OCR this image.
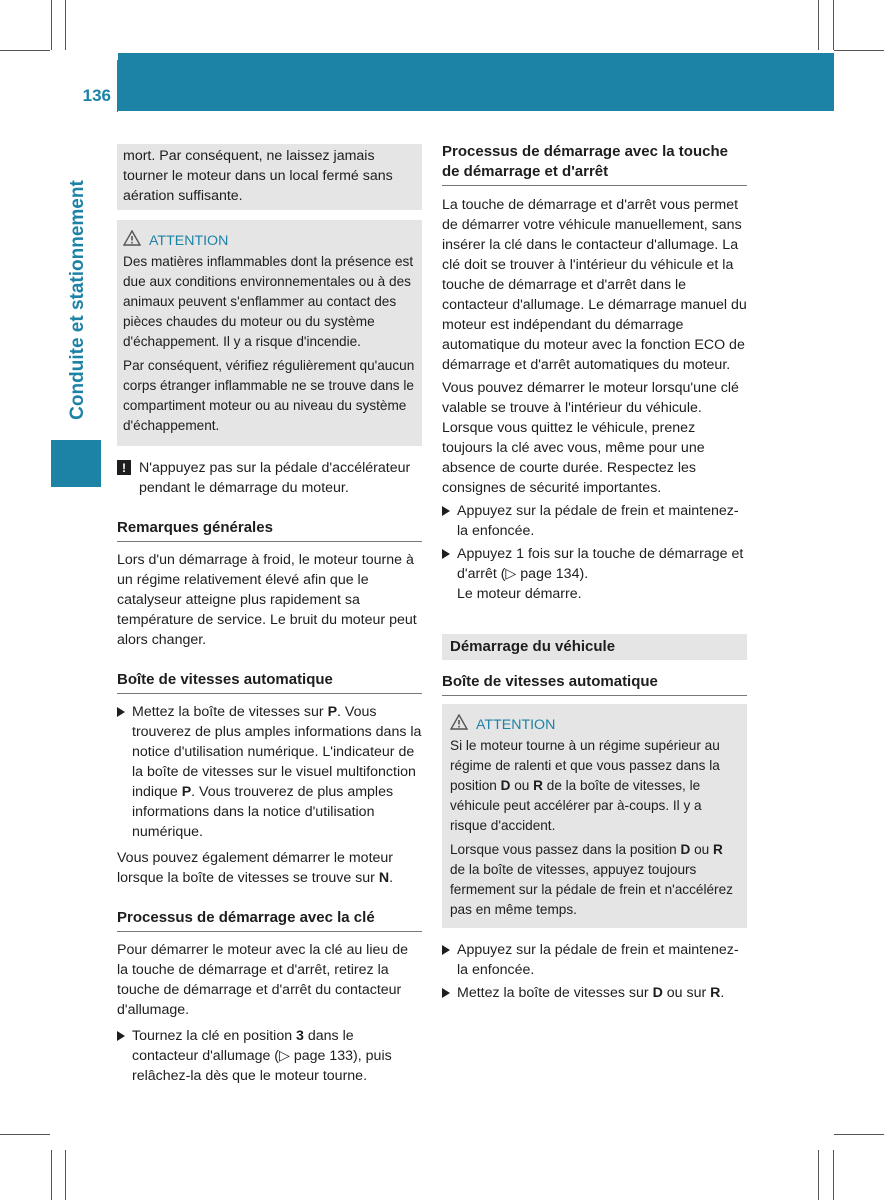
136 Conduite
Conduite et stationnement

mort. Par conséquent, ne laissez jamais tourner le moteur dans un local fermé sans aération suffisante.

ATTENTION

Des matières inflammables dont la présence est due aux conditions environnementales ou à des animaux peuvent s'enflammer au contact des pièces chaudes du moteur ou du système d'échappement. Il y a risque d'incendie.

Par conséquent, vérifiez régulièrement qu'aucun corps étranger inflammable ne se trouve dans le compartiment moteur ou au niveau du système d'échappement.

! N'appuyez pas sur la pédale d'accélérateur pendant le démarrage du moteur.
Remarques générales

Lors d'un démarrage à froid, le moteur tourne à un régime relativement élevé afin que le catalyseur atteigne plus rapidement sa température de service. Le bruit du moteur peut alors changer.

Boîte de vitesses automatique
Mettez la boîte de vitesses sur P. Vous trouverez de plus amples informations dans la notice d'utilisation numérique. L'indicateur de la boîte de vitesses sur le visuel multifonction indique P. Vous trouverez de plus amples informations dans la notice d'utilisation numérique.

Vous pouvez également démarrer le moteur lorsque la boîte de vitesses se trouve sur N.

Processus de démarrage avec la clé

Pour démarrer le moteur avec la clé au lieu de la touche de démarrage et d'arrêt, retirez la touche de démarrage et d'arrêt du contacteur d'allumage.

Tournez la clé en position 3 dans le contacteur d'allumage (▷ page 133), puis relâchez-la dès que le moteur tourne.
Processus de démarrage avec la touche de démarrage et d'arrêt

La touche de démarrage et d'arrêt vous permet de démarrer votre véhicule manuellement, sans insérer la clé dans le contacteur d'allumage. La clé doit se trouver à l'intérieur du véhicule et la touche de démarrage et d'arrêt dans le contacteur d'allumage. Le démarrage manuel du moteur est indépendant du démarrage automatique du moteur avec la fonction ECO de démarrage et d'arrêt automatiques du moteur.

Vous pouvez démarrer le moteur lorsqu'une clé valable se trouve à l'intérieur du véhicule. Lorsque vous quittez le véhicule, prenez toujours la clé avec vous, même pour une absence de courte durée. Respectez les consignes de sécurité importantes.

Appuyez sur la pédale de frein et maintenez-la enfoncée.
Appuyez 1 fois sur la touche de démarrage et d'arrêt (▷ page 134).
Le moteur démarre.
Démarrage du véhicule
Boîte de vitesses automatique
ATTENTION

Si le moteur tourne à un régime supérieur au régime de ralenti et que vous passez dans la position D ou R de la boîte de vitesses, le véhicule peut accélérer par à-coups. Il y a risque d'accident.

Lorsque vous passez dans la position D ou R de la boîte de vitesses, appuyez toujours fermement sur la pédale de frein et n'accélérez pas en même temps.

Appuyez sur la pédale de frein et maintenez-la enfoncée.
Mettez la boîte de vitesses sur D ou sur R.
